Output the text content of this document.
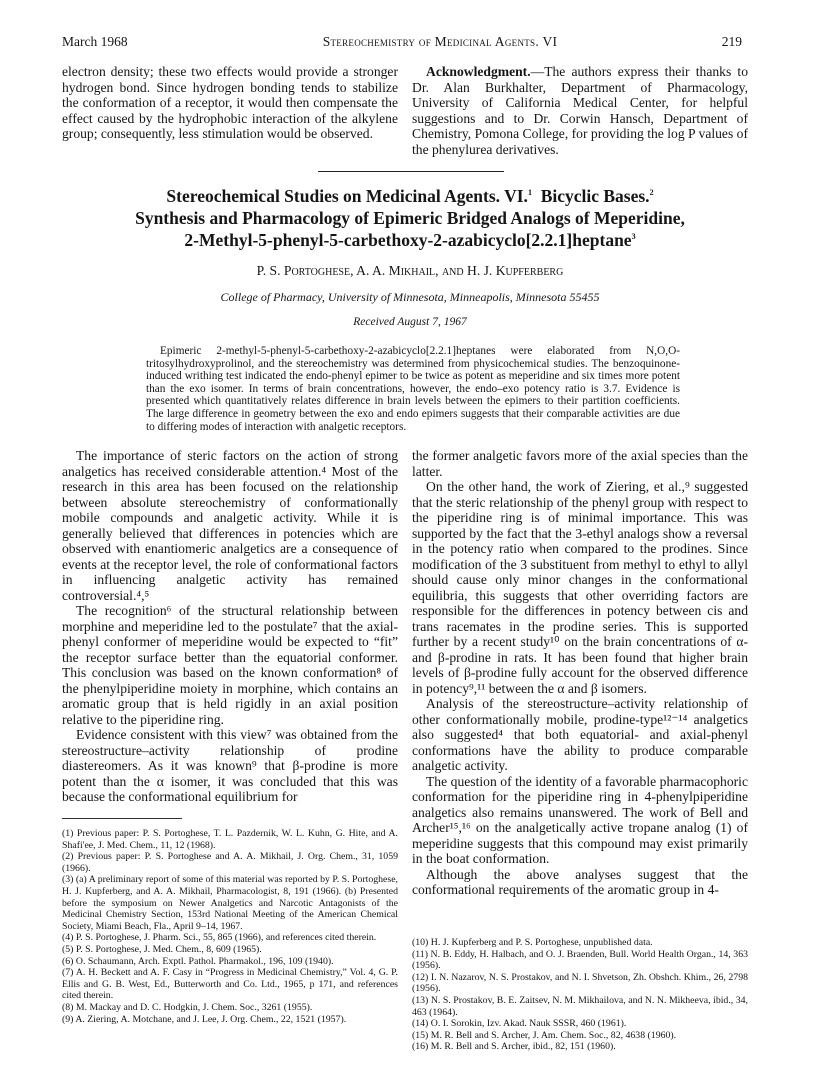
March 1968	Stereochemistry of Medicinal Agents. VI	219

electron density; these two effects would provide a stronger hydrogen bond. Since hydrogen bonding tends to stabilize the conformation of a receptor, it would then compensate the effect caused by the hydrophobic interaction of the alkylene group; consequently, less stimulation would be observed.

Acknowledgment.—The authors express their thanks to Dr. Alan Burkhalter, Department of Pharmacology, University of California Medical Center, for helpful suggestions and to Dr. Corwin Hansch, Department of Chemistry, Pomona College, for providing the log P values of the phenylurea derivatives.

Stereochemical Studies on Medicinal Agents. VI.$^1$  Bicyclic Bases.$^2$
Synthesis and Pharmacology of Epimeric Bridged Analogs of Meperidine,
2-Methyl-5-phenyl-5-carbethoxy-2-azabicyclo[2.2.1]heptane$^3$
P. S. Portoghese, A. A. Mikhail, and H. J. Kupferberg
College of Pharmacy, University of Minnesota, Minneapolis, Minnesota 55455
Received August 7, 1967

Epimeric 2-methyl-5-phenyl-5-carbethoxy-2-azabicyclo[2.2.1]heptanes were elaborated from N,O,O-tritosylhydroxyprolinol, and the stereochemistry was determined from physicochemical studies. The benzoquinone-induced writhing test indicated the endo-phenyl epimer to be twice as potent as meperidine and six times more potent than the exo isomer. In terms of brain concentrations, however, the endo–exo potency ratio is 3.7. Evidence is presented which quantitatively relates difference in brain levels between the epimers to their partition coefficients. The large difference in geometry between the exo and endo epimers suggests that their comparable activities are due to differing modes of interaction with analgetic receptors.

The importance of steric factors on the action of strong analgetics has received considerable attention.⁴ Most of the research in this area has been focused on the relationship between absolute stereochemistry of conformationally mobile compounds and analgetic activity. While it is generally believed that differences in potencies which are observed with enantiomeric analgetics are a consequence of events at the receptor level, the role of conformational factors in influencing analgetic activity has remained controversial.⁴,⁵

The recognition⁶ of the structural relationship between morphine and meperidine led to the postulate⁷ that the axial-phenyl conformer of meperidine would be expected to “fit” the receptor surface better than the equatorial conformer. This conclusion was based on the known conformation⁸ of the phenylpiperidine moiety in morphine, which contains an aromatic group that is held rigidly in an axial position relative to the piperidine ring.

Evidence consistent with this view⁷ was obtained from the stereostructure–activity relationship of prodine diastereomers. As it was known⁹ that β-prodine is more potent than the α isomer, it was concluded that this was because the conformational equilibrium for

the former analgetic favors more of the axial species than the latter.

On the other hand, the work of Ziering, et al.,⁹ suggested that the steric relationship of the phenyl group with respect to the piperidine ring is of minimal importance. This was supported by the fact that the 3-ethyl analogs show a reversal in the potency ratio when compared to the prodines. Since modification of the 3 substituent from methyl to ethyl to allyl should cause only minor changes in the conformational equilibria, this suggests that other overriding factors are responsible for the differences in potency between cis and trans racemates in the prodine series. This is supported further by a recent study¹⁰ on the brain concentrations of α- and β-prodine in rats. It has been found that higher brain levels of β-prodine fully account for the observed difference in potency⁹,¹¹ between the α and β isomers.

Analysis of the stereostructure–activity relationship of other conformationally mobile, prodine-type¹²⁻¹⁴ analgetics also suggested⁴ that both equatorial- and axial-phenyl conformations have the ability to produce comparable analgetic activity.

The question of the identity of a favorable pharmacophoric conformation for the piperidine ring in 4-phenylpiperidine analgetics also remains unanswered. The work of Bell and Archer¹⁵,¹⁶ on the analgetically active tropane analog (1) of meperidine suggests that this compound may exist primarily in the boat conformation.

Although the above analyses suggest that the conformational requirements of the aromatic group in 4-

(1) Previous paper: P. S. Portoghese, T. L. Pazdernik, W. L. Kuhn, G. Hite, and A. Shafi'ee, J. Med. Chem., 11, 12 (1968).

(2) Previous paper: P. S. Portoghese and A. A. Mikhail, J. Org. Chem., 31, 1059 (1966).

(3) (a) A preliminary report of some of this material was reported by P. S. Portoghese, H. J. Kupferberg, and A. A. Mikhail, Pharmacologist, 8, 191 (1966). (b) Presented before the symposium on Newer Analgetics and Narcotic Antagonists of the Medicinal Chemistry Section, 153rd National Meeting of the American Chemical Society, Miami Beach, Fla., April 9–14, 1967.

(4) P. S. Portoghese, J. Pharm. Sci., 55, 865 (1966), and references cited therein.

(5) P. S. Portoghese, J. Med. Chem., 8, 609 (1965).

(6) O. Schaumann, Arch. Exptl. Pathol. Pharmakol., 196, 109 (1940).

(7) A. H. Beckett and A. F. Casy in “Progress in Medicinal Chemistry,” Vol. 4, G. P. Ellis and G. B. West, Ed., Butterworth and Co. Ltd., 1965, p 171, and references cited therein.

(8) M. Mackay and D. C. Hodgkin, J. Chem. Soc., 3261 (1955).

(9) A. Ziering, A. Motchane, and J. Lee, J. Org. Chem., 22, 1521 (1957).

(10) H. J. Kupferberg and P. S. Portoghese, unpublished data.

(11) N. B. Eddy, H. Halbach, and O. J. Braenden, Bull. World Health Organ., 14, 363 (1956).

(12) I. N. Nazarov, N. S. Prostakov, and N. I. Shvetson, Zh. Obshch. Khim., 26, 2798 (1956).

(13) N. S. Prostakov, B. E. Zaitsev, N. M. Mikhailova, and N. N. Mikheeva, ibid., 34, 463 (1964).

(14) O. I. Sorokin, Izv. Akad. Nauk SSSR, 460 (1961).

(15) M. R. Bell and S. Archer, J. Am. Chem. Soc., 82, 4638 (1960).

(16) M. R. Bell and S. Archer, ibid., 82, 151 (1960).
